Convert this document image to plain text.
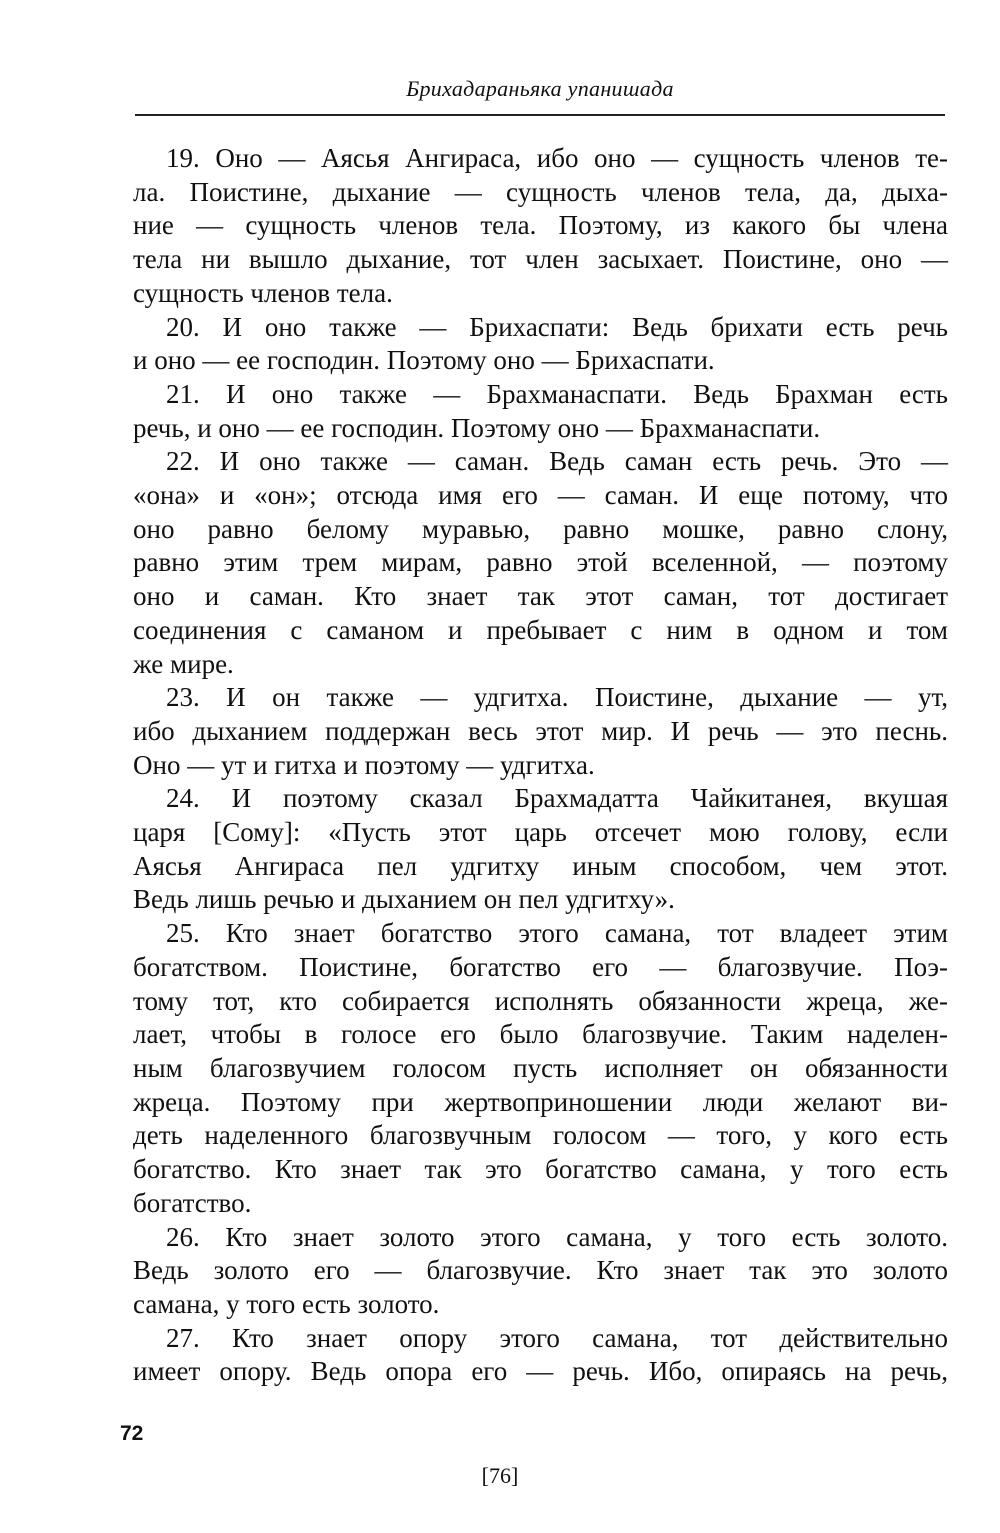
Брихадараньяка упанишада
19. Оно — Аясья Ангираса, ибо оно — сущность членов те-
ла. Поистине, дыхание — сущность членов тела, да, дыха-
ние — сущность членов тела. Поэтому, из какого бы члена
тела ни вышло дыхание, тот член засыхает. Поистине, оно —
сущность членов тела.
20. И оно также — Брихаспати: Ведь брихати есть речь
и оно — ее господин. Поэтому оно — Брихаспати.
21. И оно также — Брахманаспати. Ведь Брахман есть
речь, и оно — ее господин. Поэтому оно — Брахманаспати.
22. И оно также — саман. Ведь саман есть речь. Это —
«она» и «он»; отсюда имя его — саман. И еще потому, что
оно равно белому муравью, равно мошке, равно слону,
равно этим трем мирам, равно этой вселенной, — поэтому
оно и саман. Кто знает так этот саман, тот достигает
соединения с саманом и пребывает с ним в одном и том
же мире.
23. И он также — удгитха. Поистине, дыхание — ут,
ибо дыханием поддержан весь этот мир. И речь — это песнь.
Оно — ут и гитха и поэтому — удгитха.
24. И поэтому сказал Брахмадатта Чайкитанея, вкушая
царя [Сому]: «Пусть этот царь отсечет мою голову, если
Аясья Ангираса пел удгитху иным способом, чем этот.
Ведь лишь речью и дыханием он пел удгитху».
25. Кто знает богатство этого самана, тот владеет этим
богатством. Поистине, богатство его — благозвучие. Поэ-
тому тот, кто собирается исполнять обязанности жреца, же-
лает, чтобы в голосе его было благозвучие. Таким наделен-
ным благозвучием голосом пусть исполняет он обязанности
жреца. Поэтому при жертвоприношении люди желают ви-
деть наделенного благозвучным голосом — того, у кого есть
богатство. Кто знает так это богатство самана, у того есть
богатство.
26. Кто знает золото этого самана, у того есть золото.
Ведь золото его — благозвучие. Кто знает так это золото
самана, у того есть золото.
27. Кто знает опору этого самана, тот действительно
имеет опору. Ведь опора его — речь. Ибо, опираясь на речь,
72
[76]
